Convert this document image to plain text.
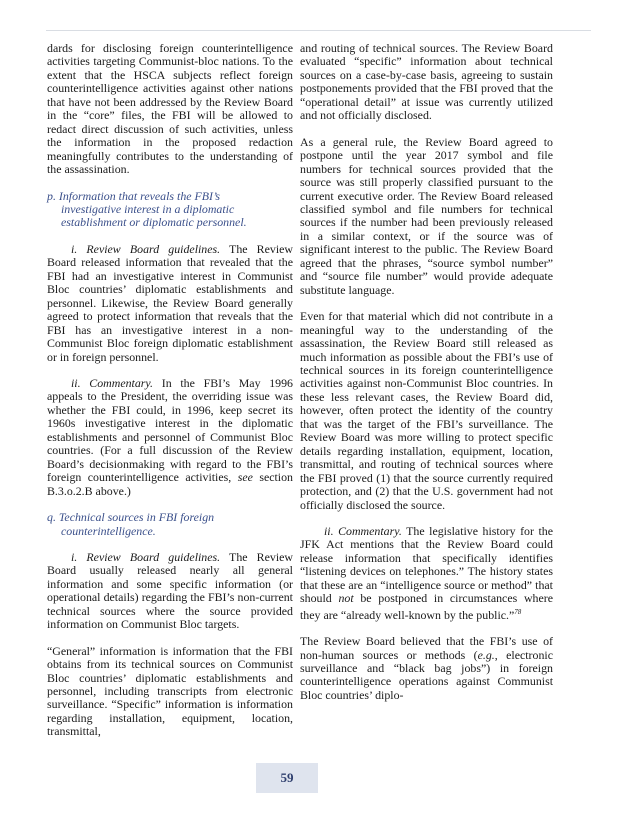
dards for disclosing foreign counterintelligence activities targeting Communist-bloc nations. To the extent that the HSCA subjects reflect foreign counterintelligence activities against other nations that have not been addressed by the Review Board in the “core” files, the FBI will be allowed to redact direct discussion of such activities, unless the information in the proposed redaction meaningfully contributes to the understanding of the assassination.

p. Information that reveals the FBI’s
investigative interest in a diplomatic
establishment or diplomatic personnel.

i. Review Board guidelines. The Review Board released information that revealed that the FBI had an investigative interest in Communist Bloc countries’ diplomatic establishments and personnel. Likewise, the Review Board generally agreed to protect information that reveals that the FBI has an investigative interest in a non-Communist Bloc foreign diplomatic establishment or in foreign personnel.

ii. Commentary. In the FBI’s May 1996 appeals to the President, the overriding issue was whether the FBI could, in 1996, keep secret its 1960s investigative interest in the diplomatic establishments and personnel of Communist Bloc countries. (For a full discussion of the Review Board’s decisionmaking with regard to the FBI’s foreign counterintelligence activities, see section B.3.o.2.B above.)

q. Technical sources in FBI foreign
counterintelligence.

i. Review Board guidelines. The Review Board usually released nearly all general information and some specific information (or operational details) regarding the FBI’s non-current technical sources where the source provided information on Communist Bloc targets.

“General” information is information that the FBI obtains from its technical sources on Communist Bloc countries’ diplomatic establishments and personnel, including transcripts from electronic surveillance. “Specific” information is information regarding installation, equipment, location, transmittal,

and routing of technical sources. The Review Board evaluated “specific” information about technical sources on a case-by-case basis, agreeing to sustain postponements provided that the FBI proved that the “operational detail” at issue was currently utilized and not officially disclosed.

As a general rule, the Review Board agreed to postpone until the year 2017 symbol and file numbers for technical sources provided that the source was still properly classified pursuant to the current executive order. The Review Board released classified symbol and file numbers for technical sources if the number had been previously released in a similar context, or if the source was of significant interest to the public. The Review Board agreed that the phrases, “source symbol number” and “source file number” would provide adequate substitute language.

Even for that material which did not contribute in a meaningful way to the understanding of the assassination, the Review Board still released as much information as possible about the FBI’s use of technical sources in its foreign counterintelligence activities against non-Communist Bloc countries. In these less relevant cases, the Review Board did, however, often protect the identity of the country that was the target of the FBI’s surveillance. The Review Board was more willing to protect specific details regarding installation, equipment, location, transmittal, and routing of technical sources where the FBI proved (1) that the source currently required protection, and (2) that the U.S. government had not officially disclosed the source.

ii. Commentary. The legislative history for the JFK Act mentions that the Review Board could release information that specifically identifies “listening devices on telephones.” The history states that these are an “intelligence source or method” that should not be postponed in circumstances where they are “already well-known by the public.”$^{78}$

The Review Board believed that the FBI’s use of non-human sources or methods (e.g., electronic surveillance and “black bag jobs”) in foreign counterintelligence operations against Communist Bloc countries’ diplo-

59
